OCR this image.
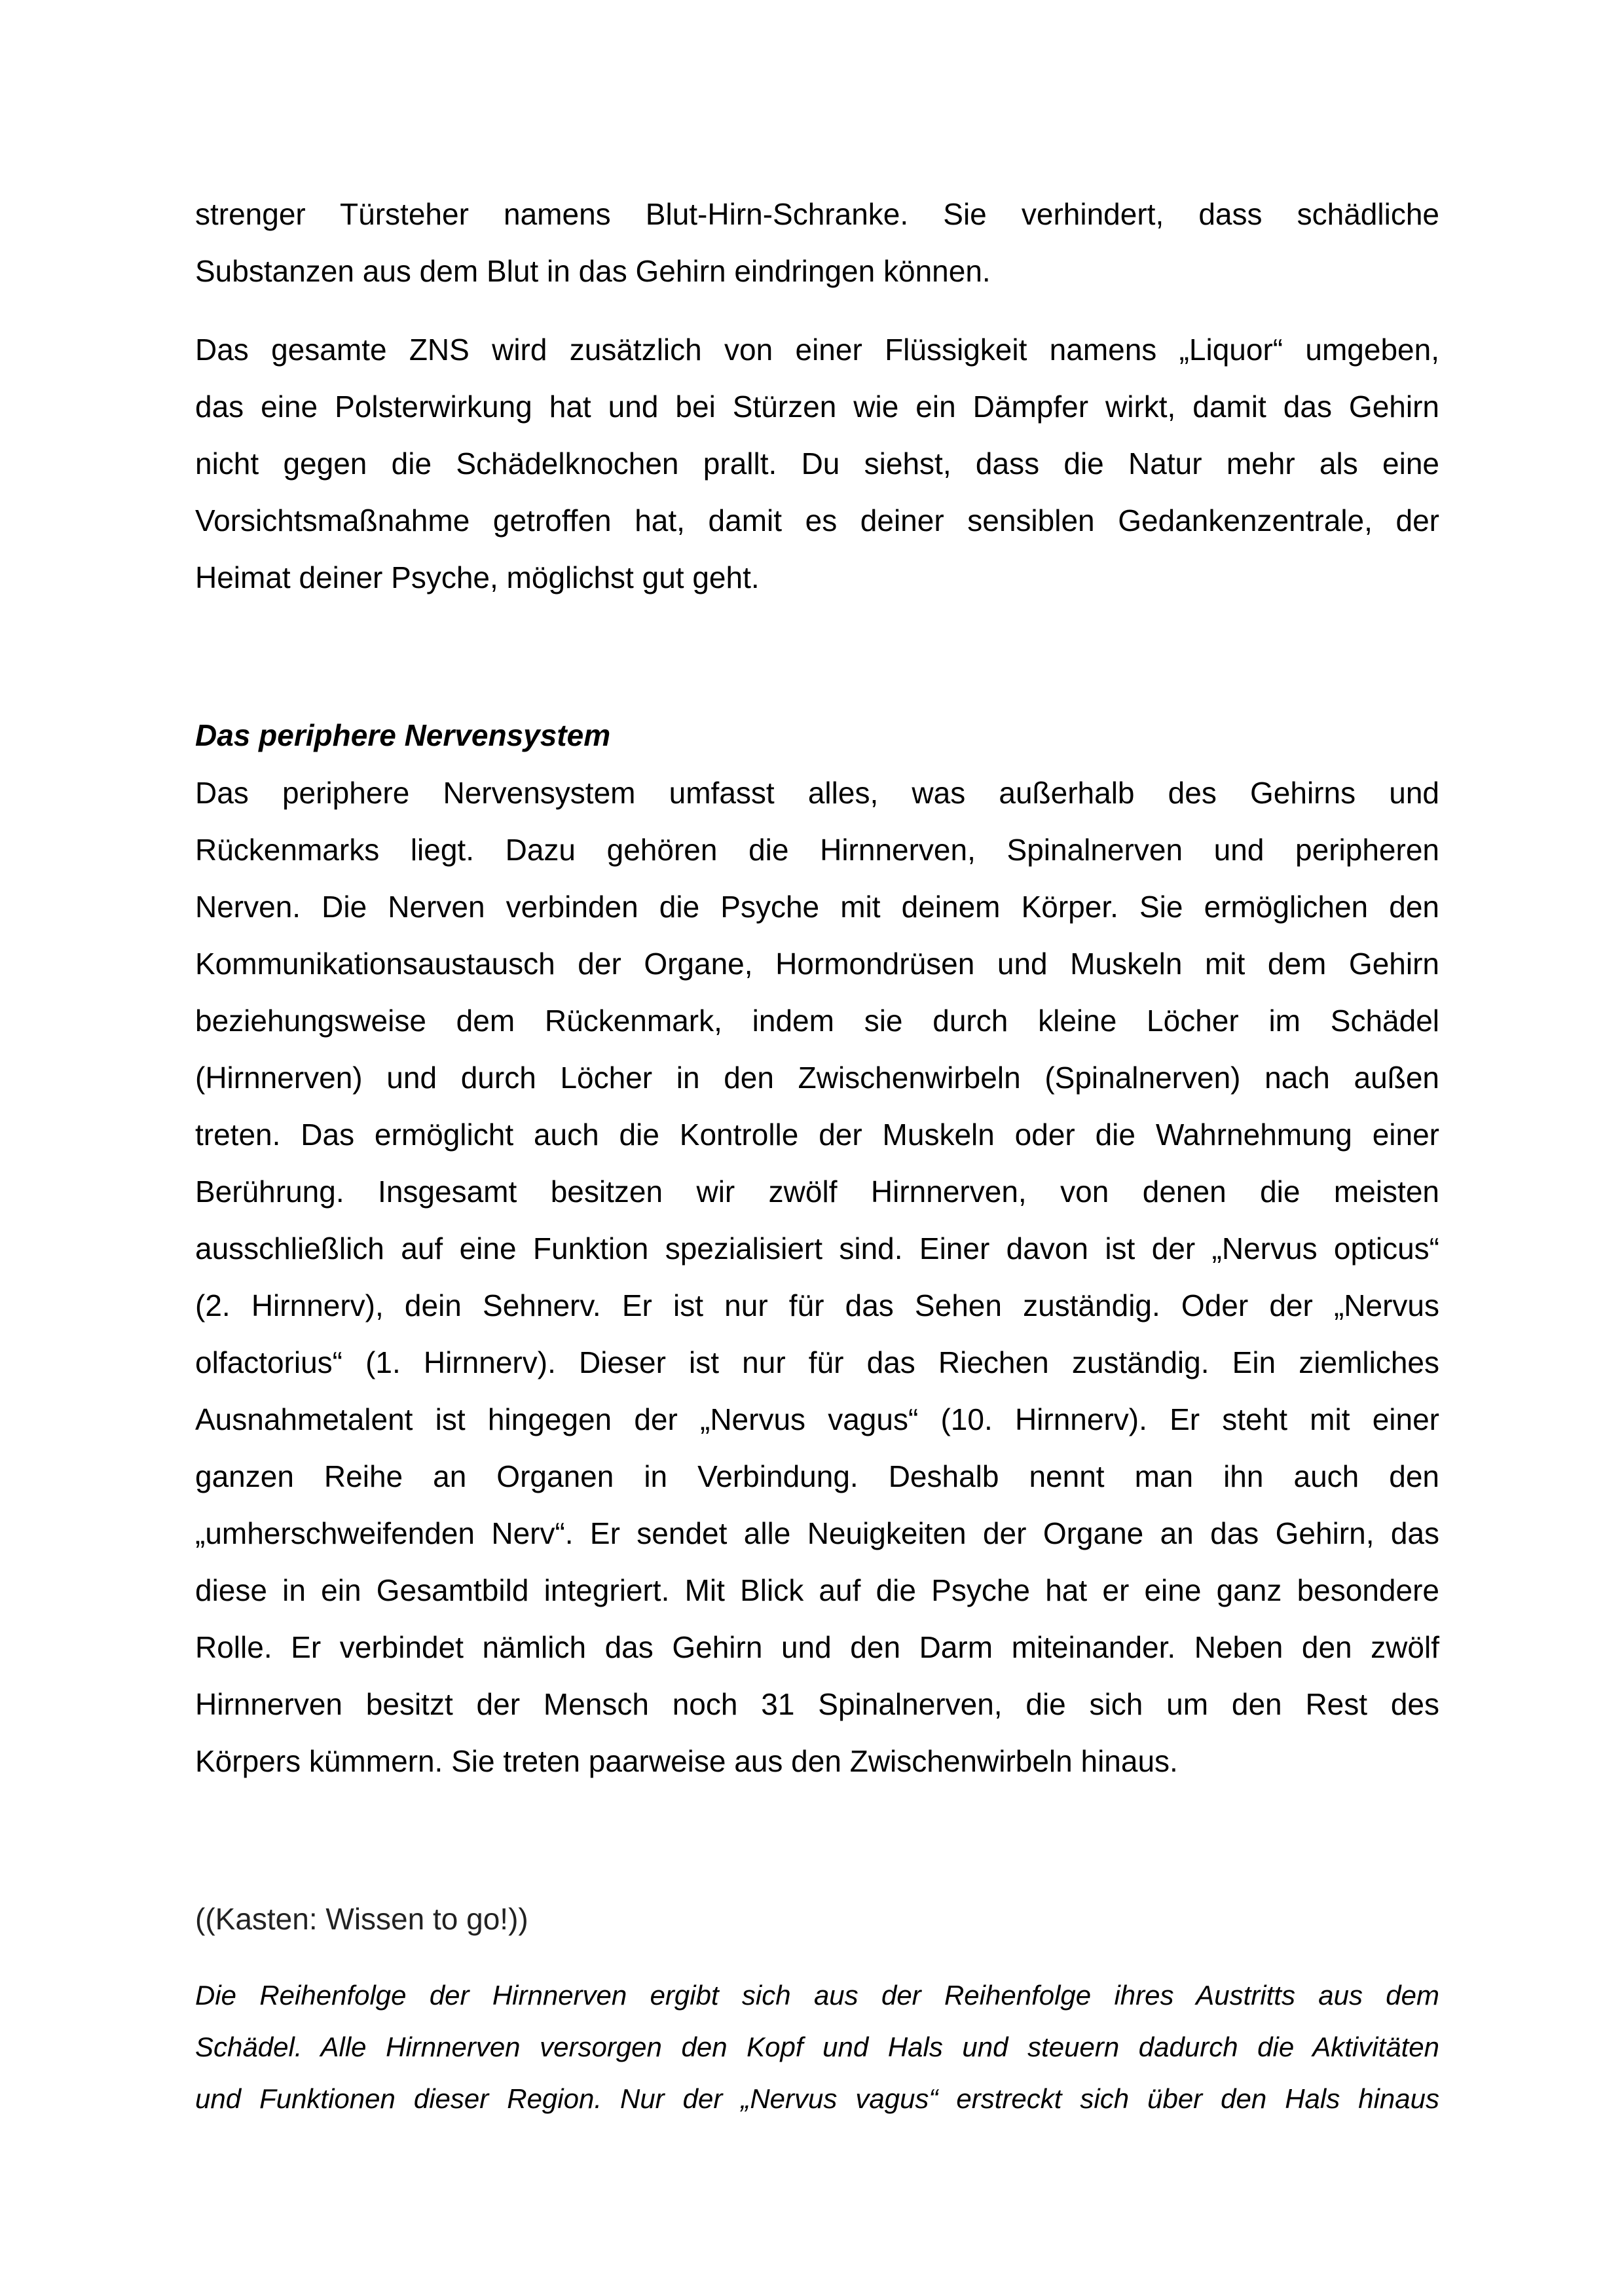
strenger Türsteher namens Blut-Hirn-Schranke. Sie verhindert, dass schädliche
Substanzen aus dem Blut in das Gehirn eindringen können.
Das gesamte ZNS wird zusätzlich von einer Flüssigkeit namens „Liquor“ umgeben,
das eine Polsterwirkung hat und bei Stürzen wie ein Dämpfer wirkt, damit das Gehirn
nicht gegen die Schädelknochen prallt. Du siehst, dass die Natur mehr als eine
Vorsichtsmaßnahme getroffen hat, damit es deiner sensiblen Gedankenzentrale, der
Heimat deiner Psyche, möglichst gut geht.
Das periphere Nervensystem
Das periphere Nervensystem umfasst alles, was außerhalb des Gehirns und
Rückenmarks liegt. Dazu gehören die Hirnnerven, Spinalnerven und peripheren
Nerven. Die Nerven verbinden die Psyche mit deinem Körper. Sie ermöglichen den
Kommunikationsaustausch der Organe, Hormondrüsen und Muskeln mit dem Gehirn
beziehungsweise dem Rückenmark, indem sie durch kleine Löcher im Schädel
(Hirnnerven) und durch Löcher in den Zwischenwirbeln (Spinalnerven) nach außen
treten. Das ermöglicht auch die Kontrolle der Muskeln oder die Wahrnehmung einer
Berührung. Insgesamt besitzen wir zwölf Hirnnerven, von denen die meisten
ausschließlich auf eine Funktion spezialisiert sind. Einer davon ist der „Nervus opticus“
(2. Hirnnerv), dein Sehnerv. Er ist nur für das Sehen zuständig. Oder der „Nervus
olfactorius“ (1. Hirnnerv). Dieser ist nur für das Riechen zuständig. Ein ziemliches
Ausnahmetalent ist hingegen der „Nervus vagus“ (10. Hirnnerv). Er steht mit einer
ganzen Reihe an Organen in Verbindung. Deshalb nennt man ihn auch den
„umherschweifenden Nerv“. Er sendet alle Neuigkeiten der Organe an das Gehirn, das
diese in ein Gesamtbild integriert. Mit Blick auf die Psyche hat er eine ganz besondere
Rolle. Er verbindet nämlich das Gehirn und den Darm miteinander. Neben den zwölf
Hirnnerven besitzt der Mensch noch 31 Spinalnerven, die sich um den Rest des
Körpers kümmern. Sie treten paarweise aus den Zwischenwirbeln hinaus.
((Kasten: Wissen to go!))
Die Reihenfolge der Hirnnerven ergibt sich aus der Reihenfolge ihres Austritts aus dem
Schädel. Alle Hirnnerven versorgen den Kopf und Hals und steuern dadurch die Aktivitäten
und Funktionen dieser Region. Nur der „Nervus vagus“ erstreckt sich über den Hals hinaus
